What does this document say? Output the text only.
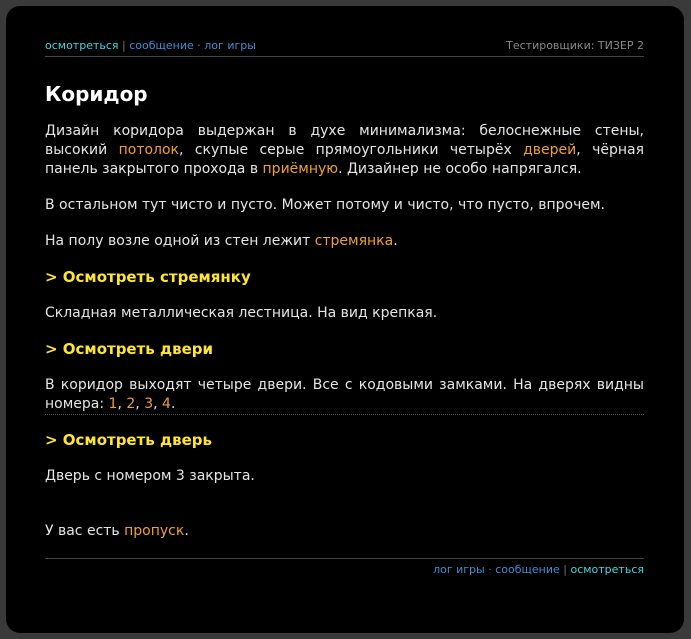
осмотреться | сообщение · лог игры	Тестировщики: ТИЗЕР 2
Коридор

Дизайн коридора выдержан в духе минимализма: белоснежные стены, высокий потолок, скупые серые прямоугольники четырёх дверей, чёрная панель закрытого прохода в приёмную. Дизайнер не особо напрягался.

В остальном тут чисто и пусто. Может потому и чисто, что пусто, впрочем.

На полу возле одной из стен лежит стремянка.

> Осмотреть стремянку

Складная металлическая лестница. На вид крепкая.

> Осмотреть двери

В коридор выходят четыре двери. Все с кодовыми замками. На дверях видны номера: 1, 2, 3, 4.

> Осмотреть дверь

Дверь с номером 3 закрыта.

У вас есть пропуск.

лог игры · сообщение | осмотреться
